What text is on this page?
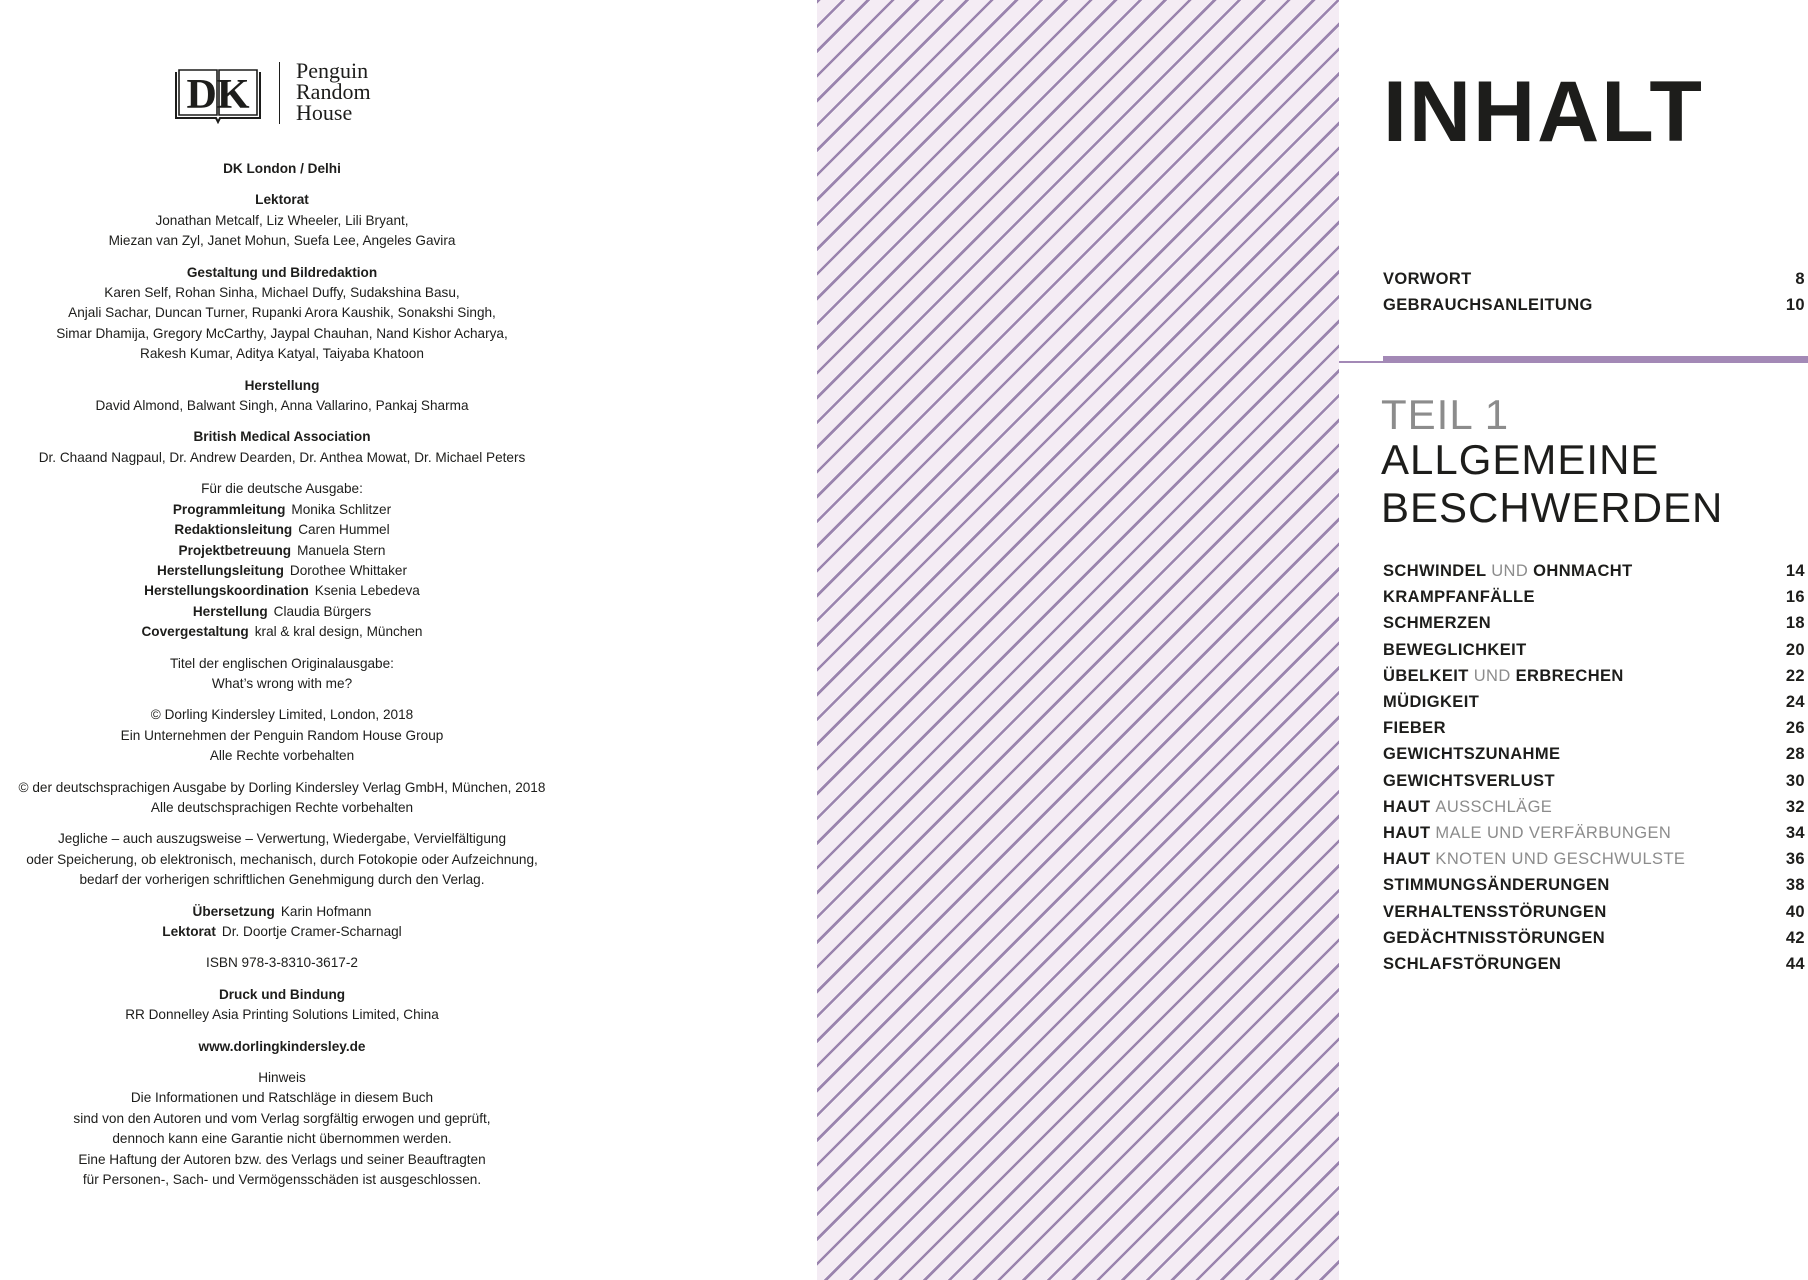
DK
Penguin
Random
House
DK London / Delhi
Lektorat
Jonathan Metcalf, Liz Wheeler, Lili Bryant,
Miezan van Zyl, Janet Mohun, Suefa Lee, Angeles Gavira
Gestaltung und Bildredaktion
Karen Self, Rohan Sinha, Michael Duffy, Sudakshina Basu,
Anjali Sachar, Duncan Turner, Rupanki Arora Kaushik, Sonakshi Singh,
Simar Dhamija, Gregory McCarthy, Jaypal Chauhan, Nand Kishor Acharya,
Rakesh Kumar, Aditya Katyal, Taiyaba Khatoon
Herstellung
David Almond, Balwant Singh, Anna Vallarino, Pankaj Sharma
British Medical Association
Dr. Chaand Nagpaul, Dr. Andrew Dearden, Dr. Anthea Mowat, Dr. Michael Peters
Für die deutsche Ausgabe:
Programmleitung Monika Schlitzer
Redaktionsleitung Caren Hummel
Projektbetreuung Manuela Stern
Herstellungsleitung Dorothee Whittaker
Herstellungskoordination Ksenia Lebedeva
Herstellung Claudia Bürgers
Covergestaltung kral & kral design, München
Titel der englischen Originalausgabe:
What’s wrong with me?
© Dorling Kindersley Limited, London, 2018
Ein Unternehmen der Penguin Random House Group
Alle Rechte vorbehalten
© der deutschsprachigen Ausgabe by Dorling Kindersley Verlag GmbH, München, 2018
Alle deutschsprachigen Rechte vorbehalten
Jegliche – auch auszugsweise – Verwertung, Wiedergabe, Vervielfältigung
oder Speicherung, ob elektronisch, mechanisch, durch Fotokopie oder Aufzeichnung,
bedarf der vorherigen schriftlichen Genehmigung durch den Verlag.
Übersetzung Karin Hofmann
Lektorat Dr. Doortje Cramer-Scharnagl
ISBN 978-3-8310-3617-2
Druck und Bindung
RR Donnelley Asia Printing Solutions Limited, China
www.dorlingkindersley.de
Hinweis
Die Informationen und Ratschläge in diesem Buch
sind von den Autoren und vom Verlag sorgfältig erwogen und geprüft,
dennoch kann eine Garantie nicht übernommen werden.
Eine Haftung der Autoren bzw. des Verlags und seiner Beauftragten
für Personen-, Sach- und Vermögensschäden ist ausgeschlossen.
INHALT
VORWORT	8
GEBRAUCHSANLEITUNG	10
TEIL 1
ALLGEMEINE
BESCHWERDEN
SCHWINDEL UND OHNMACHT	14
KRAMPFANFÄLLE	16
SCHMERZEN	18
BEWEGLICHKEIT	20
ÜBELKEIT UND ERBRECHEN	22
MÜDIGKEIT	24
FIEBER	26
GEWICHTSZUNAHME	28
GEWICHTSVERLUST	30
HAUT AUSSCHLÄGE	32
HAUT MALE UND VERFÄRBUNGEN	34
HAUT KNOTEN UND GESCHWULSTE	36
STIMMUNGSÄNDERUNGEN	38
VERHALTENSSTÖRUNGEN	40
GEDÄCHTNISSTÖRUNGEN	42
SCHLAFSTÖRUNGEN	44
